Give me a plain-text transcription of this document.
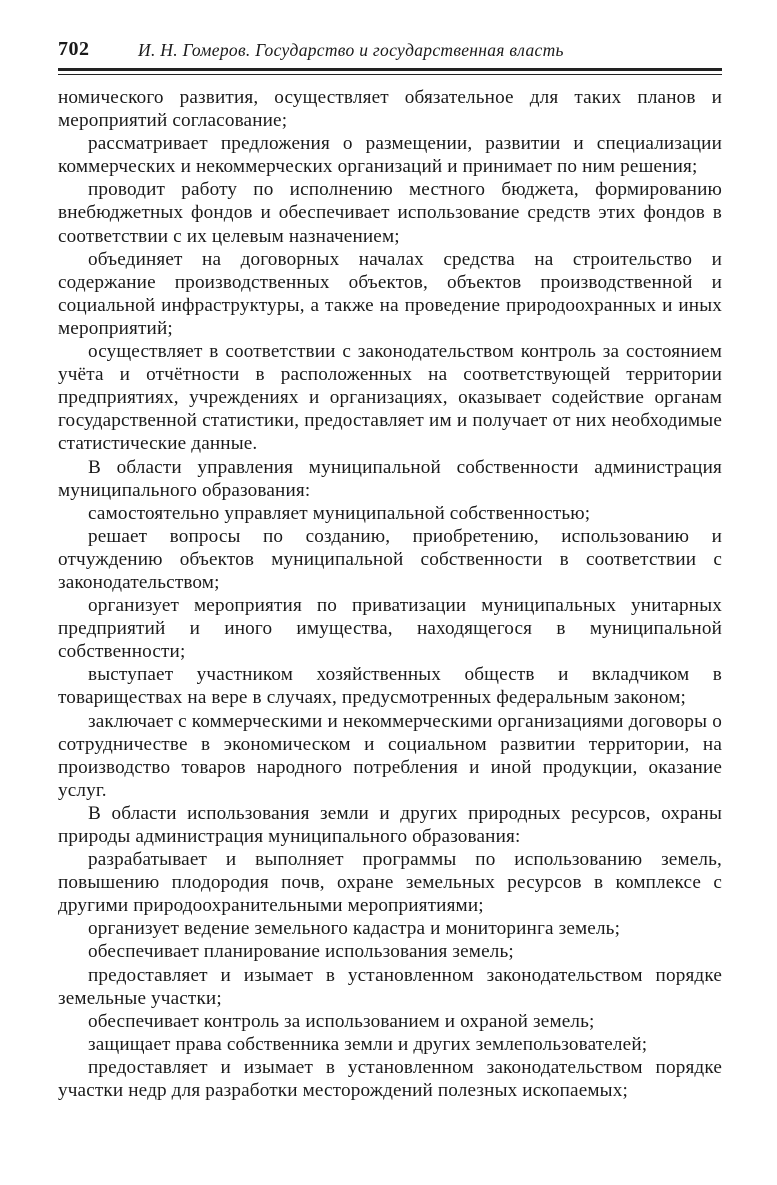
702	И. Н. Гомеров. Государство и государственная власть

номического развития, осуществляет обязательное для таких планов и мероприятий согласование;

рассматривает предложения о размещении, развитии и специализации коммерческих и некоммерческих организаций и принимает по ним решения;

проводит работу по исполнению местного бюджета, формированию внебюджетных фондов и обеспечивает использование средств этих фондов в соответствии с их целевым назначением;

объединяет на договорных началах средства на строительство и содержание производственных объектов, объектов производственной и социальной инфраструктуры, а также на проведение природоохранных и иных мероприятий;

осуществляет в соответствии с законодательством контроль за состоянием учёта и отчётности в расположенных на соответствующей территории предприятиях, учреждениях и организациях, оказывает содействие органам государственной статистики, предоставляет им и получает от них необходимые статистические данные.

В области управления муниципальной собственности администрация муниципального образования:

самостоятельно управляет муниципальной собственностью;

решает вопросы по созданию, приобретению, использованию и отчуждению объектов муниципальной собственности в соответствии с законодательством;

организует мероприятия по приватизации муниципальных унитарных предприятий и иного имущества, находящегося в муниципальной собственности;

выступает участником хозяйственных обществ и вкладчиком в товариществах на вере в случаях, предусмотренных федеральным законом;

заключает с коммерческими и некоммерческими организациями договоры о сотрудничестве в экономическом и социальном развитии территории, на производство товаров народного потребления и иной продукции, оказание услуг.

В области использования земли и других природных ресурсов, охраны природы администрация муниципального образования:

разрабатывает и выполняет программы по использованию земель, повышению плодородия почв, охране земельных ресурсов в комплексе с другими природоохранительными мероприятиями;

организует ведение земельного кадастра и мониторинга земель;

обеспечивает планирование использования земель;

предоставляет и изымает в установленном законодательством порядке земельные участки;

обеспечивает контроль за использованием и охраной земель;

защищает права собственника земли и других землепользователей;

предоставляет и изымает в установленном законодательством порядке участки недр для разработки месторождений полезных ископаемых;
